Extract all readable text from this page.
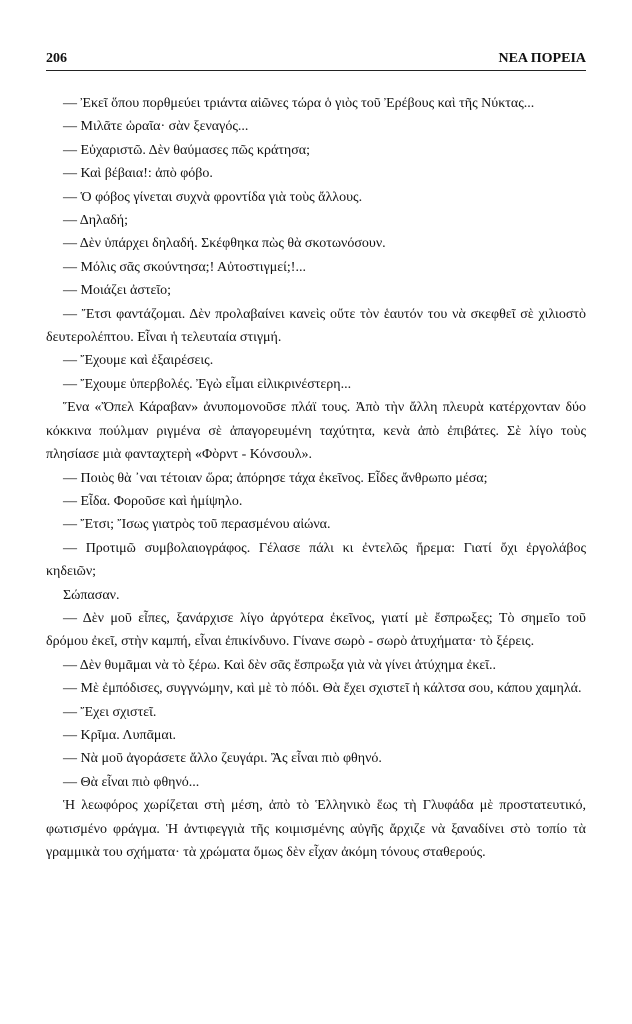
206	ΝΕΑ ΠΟΡΕΙΑ

— Ἐκεῖ ὅπου πορθμεύει τριάντα αἰῶνες τώρα ὁ γιὸς τοῦ Ἐρέβους καὶ τῆς Νύκτας...

— Μιλᾶτε ὡραῖα· σὰν ξεναγός...

— Εὐχαριστῶ. Δὲν θαύμασες πῶς κράτησα;

— Καὶ βέβαια!: ἀπὸ φόβο.

— Ὁ φόβος γίνεται συχνὰ φροντίδα γιὰ τοὺς ἄλλους.

— Δηλαδή;

— Δὲν ὑπάρχει δηλαδή. Σκέφθηκα πὼς θὰ σκοτωνόσουν.

— Μόλις σᾶς σκούντησα;! Αὐτοστιγμεί;!...

— Μοιάζει ἀστεῖο;

— Ἔτσι φαντάζομαι. Δὲν προλαβαίνει κανεὶς οὔτε τὸν ἑαυτόν του νὰ σκεφθεῖ σὲ χιλιοστὸ δευτερολέπτου. Εἶναι ἡ τελευταία στιγμή.

— Ἔχουμε καὶ ἐξαιρέσεις.

— Ἔχουμε ὑπερβολές. Ἐγὼ εἶμαι εἰλικρινέστερη...

Ἕνα «Ὄπελ Κάραβαν» ἀνυπομονοῦσε πλάϊ τους. Ἀπὸ τὴν ἄλλη πλευρὰ κατέρχονταν δύο κόκκινα πούλμαν ριγμένα σὲ ἀπαγορευμένη ταχύτητα, κενὰ ἀπὸ ἐπιβάτες. Σὲ λίγο τοὺς πλησίασε μιὰ φανταχτερὴ «Φὸρντ - Κόνσουλ».

— Ποιὸς θὰ ᾽ναι τέτοιαν ὥρα; ἀπόρησε τάχα ἐκεῖνος. Εἶδες ἄνθρωπο μέσα;

— Εἶδα. Φοροῦσε καὶ ἡμίψηλο.

— Ἔτσι; Ἴσως γιατρὸς τοῦ περασμένου αἰώνα.

— Προτιμῶ συμβολαιογράφος. Γέλασε πάλι κι ἐντελῶς ἤρεμα: Γιατί ὄχι ἐργολάβος κηδειῶν;

Σώπασαν.

— Δὲν μοῦ εἶπες, ξανάρχισε λίγο ἀργότερα ἐκεῖνος, γιατί μὲ ἔσπρωξες; Τὸ σημεῖο τοῦ δρόμου ἐκεῖ, στὴν καμπή, εἶναι ἐπικίνδυνο. Γίνανε σωρὸ - σωρὸ ἀτυχήματα· τὸ ξέρεις.

— Δὲν θυμᾶμαι νὰ τὸ ξέρω. Καὶ δὲν σᾶς ἔσπρωξα γιὰ νὰ γίνει ἀτύχημα ἐκεῖ..

— Μὲ ἐμπόδισες, συγγνώμην, καὶ μὲ τὸ πόδι. Θὰ ἔχει σχιστεῖ ἡ κάλτσα σου, κάπου χαμηλά.

— Ἔχει σχιστεῖ.

— Κρῖμα. Λυπᾶμαι.

— Νὰ μοῦ ἀγοράσετε ἄλλο ζευγάρι. Ἂς εἶναι πιὸ φθηνό.

— Θὰ εἶναι πιὸ φθηνό...

Ἡ λεωφόρος χωρίζεται στὴ μέση, ἀπὸ τὸ Ἑλληνικὸ ἕως τὴ Γλυφάδα μὲ προστατευτικό, φωτισμένο φράγμα. Ἡ ἀντιφεγγιὰ τῆς κοιμισμένης αὐγῆς ἄρχιζε νὰ ξαναδίνει στὸ τοπίο τὰ γραμμικὰ του σχήματα· τὰ χρώματα ὅμως δὲν εἶχαν ἀκόμη τόνους σταθερούς.
